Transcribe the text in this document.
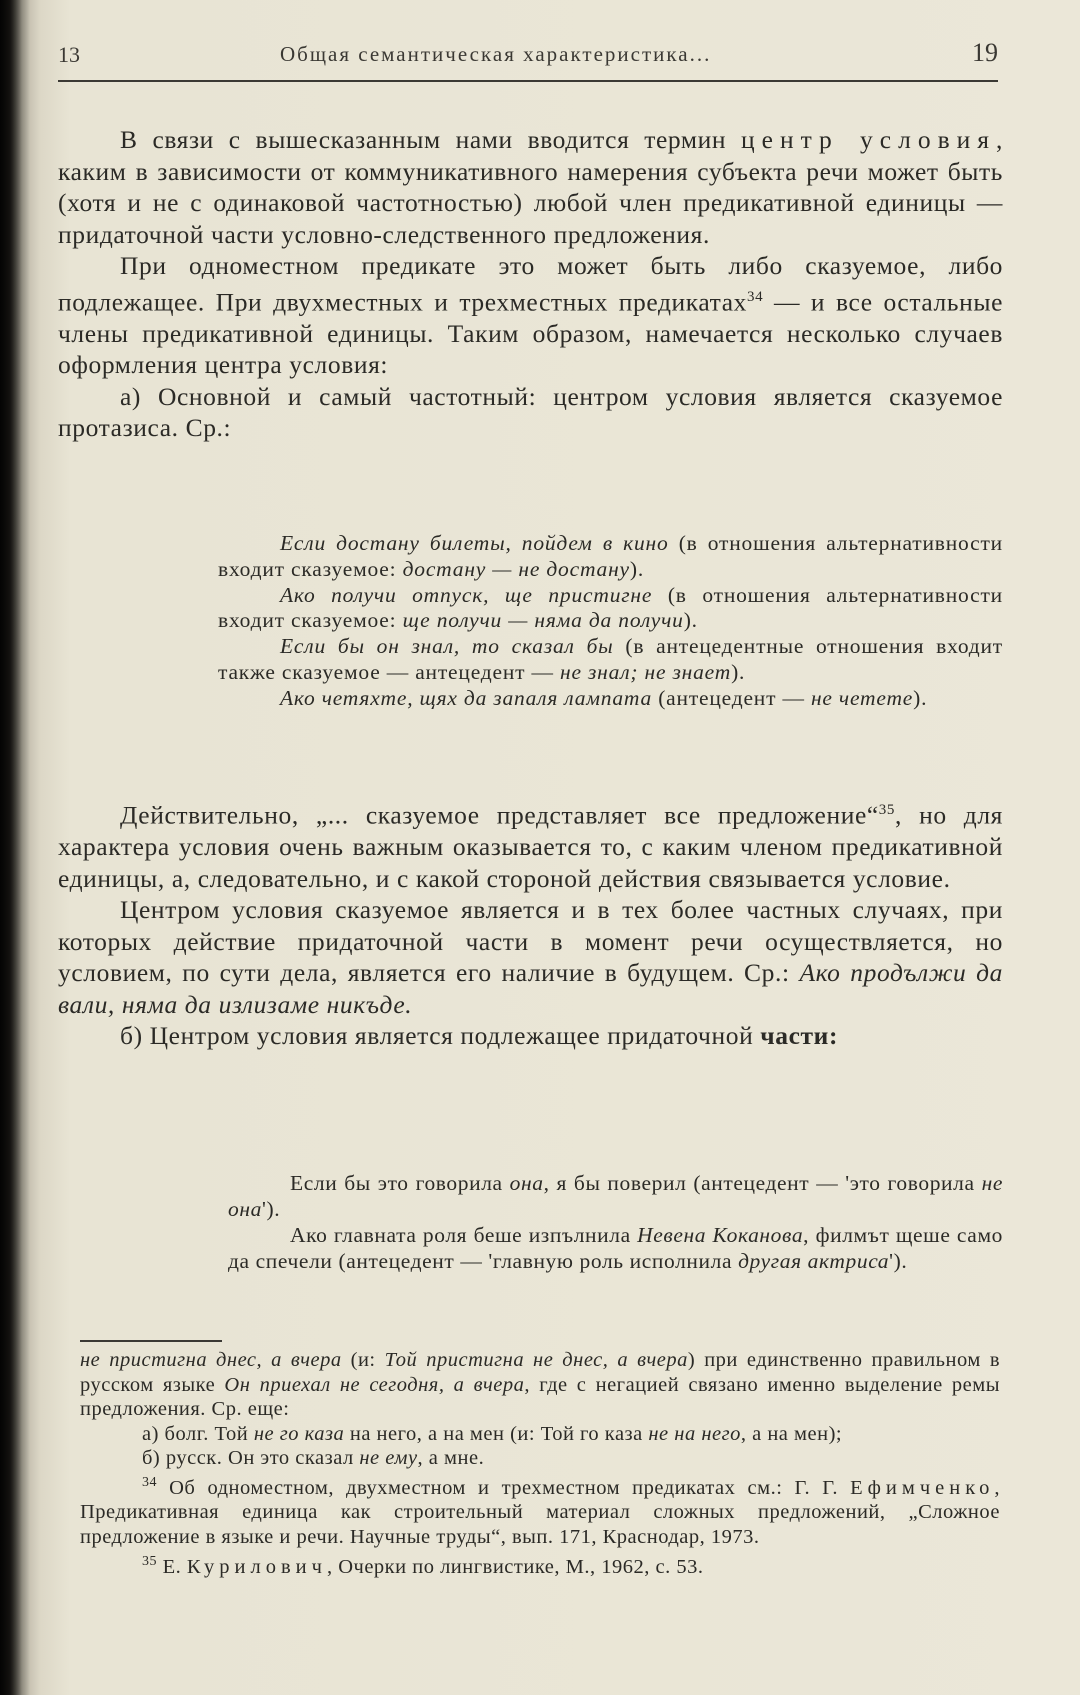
13	Общая семантическая характеристика...	19

В связи с вышесказанным нами вводится термин центр условия, каким в зависимости от коммуникативного намерения субъекта речи может быть (хотя и не с одинаковой частотностью) любой член предикативной единицы — придаточной части условно-следственного предложения.

При одноместном предикате это может быть либо сказуемое, либо подлежащее. При двухместных и трехместных предикатах$^{34}$ — и все остальные члены предикативной единицы. Таким образом, намечается несколько случаев оформления центра условия:

а) Основной и самый частотный: центром условия является сказуемое протазиса. Ср.:

Если достану билеты, пойдем в кино (в отношения альтернативности входит сказуемое: достану — не достану).

Ако получи отпуск, ще пристигне (в отношения альтернативности входит сказуемое: ще получи — няма да получи).

Если бы он знал, то сказал бы (в антецедентные отношения входит также сказуемое — антецедент — не знал; не знает).

Ако четяхте, щях да запаля лампата (антецедент — не четете).

Действительно, „... сказуемое представляет все предложение“$^{35}$, но для характера условия очень важным оказывается то, с каким членом предикативной единицы, а, следовательно, и с какой стороной действия связывается условие.

Центром условия сказуемое является и в тех более частных случаях, при которых действие придаточной части в момент речи осуществляется, но условием, по сути дела, является его наличие в будущем. Ср.: Ако продължи да вали, няма да излизаме никъде.

б) Центром условия является подлежащее придаточной части:

Если бы это говорила она, я бы поверил (антецедент — 'это говорила не она').

Ако главната роля беше изпълнила Невена Коканова, филмът щеше само да спечели (антецедент — 'главную роль исполнила другая актриса').

не пристигна днес, а вчера (и: Той пристигна не днес, а вчера) при единственно правильном в русском языке Он приехал не сегодня, а вчера, где с негацией связано именно выделение ремы предложения. Ср. еще:

а) болг. Той не го каза на него, а на мен (и: Той го каза не на него, а на мен);

б) русск. Он это сказал не ему, а мне.

$^{34}$ Об одноместном, двухместном и трехместном предикатах см.: Г. Г. Ефимченко, Предикативная единица как строительный материал сложных предложений, „Сложное предложение в языке и речи. Научные труды“, вып. 171, Краснодар, 1973.

$^{35}$ Е. Курилович, Очерки по лингвистике, М., 1962, с. 53.
